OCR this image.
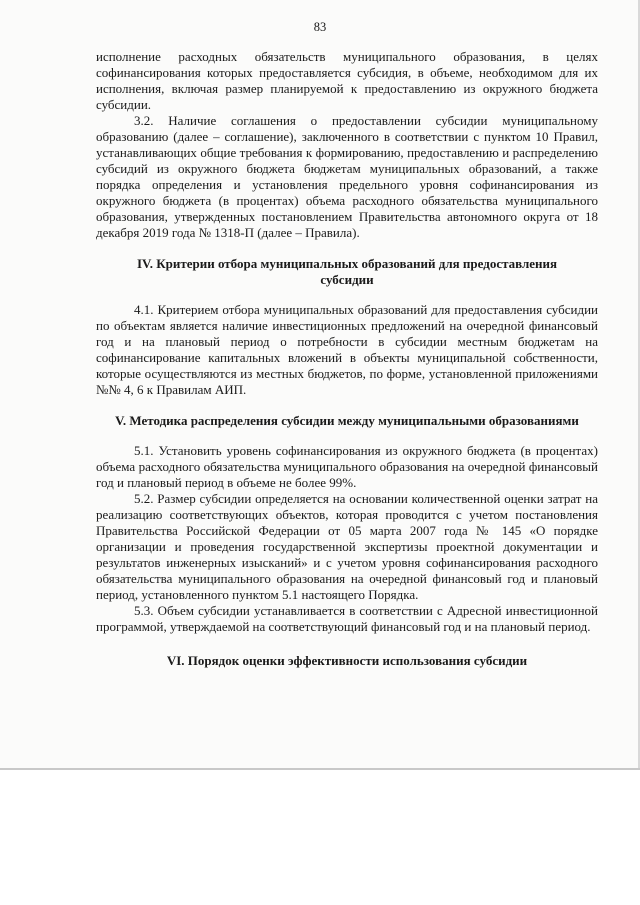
83

исполнение расходных обязательств муниципального образования, в целях софинансирования которых предоставляется субсидия, в объеме, необходимом для их исполнения, включая размер планируемой к предоставлению из окружного бюджета субсидии.

3.2. Наличие соглашения о предоставлении субсидии муниципальному образованию (далее – соглашение), заключенного в соответствии с пунктом 10 Правил, устанавливающих общие требования к формированию, предоставлению и распределению субсидий из окружного бюджета бюджетам муниципальных образований, а также порядка определения и установления предельного уровня софинансирования из окружного бюджета (в процентах) объема расходного обязательства муниципального образования, утвержденных постановлением Правительства автономного округа от 18 декабря 2019 года № 1318-П (далее – Правила).

IV. Критерии отбора муниципальных образований для предоставления субсидии

4.1. Критерием отбора муниципальных образований для предоставления субсидии по объектам является наличие инвестиционных предложений на очередной финансовый год и на плановый период о потребности в субсидии местным бюджетам на софинансирование капитальных вложений в объекты муниципальной собственности, которые осуществляются из местных бюджетов, по форме, установленной приложениями №№ 4, 6 к Правилам АИП.

V. Методика распределения субсидии между муниципальными образованиями

5.1. Установить уровень софинансирования из окружного бюджета (в процентах) объема расходного обязательства муниципального образования на очередной финансовый год и плановый период в объеме не более 99%.

5.2. Размер субсидии определяется на основании количественной оценки затрат на реализацию соответствующих объектов, которая проводится с учетом постановления Правительства Российской Федерации от 05 марта 2007 года № 145 «О порядке организации и проведения государственной экспертизы проектной документации и результатов инженерных изысканий» и с учетом уровня софинансирования расходного обязательства муниципального образования на очередной финансовый год и плановый период, установленного пунктом 5.1 настоящего Порядка.

5.3. Объем субсидии устанавливается в соответствии с Адресной инвестиционной программой, утверждаемой на соответствующий финансовый год и на плановый период.

VI. Порядок оценки эффективности использования субсидии
